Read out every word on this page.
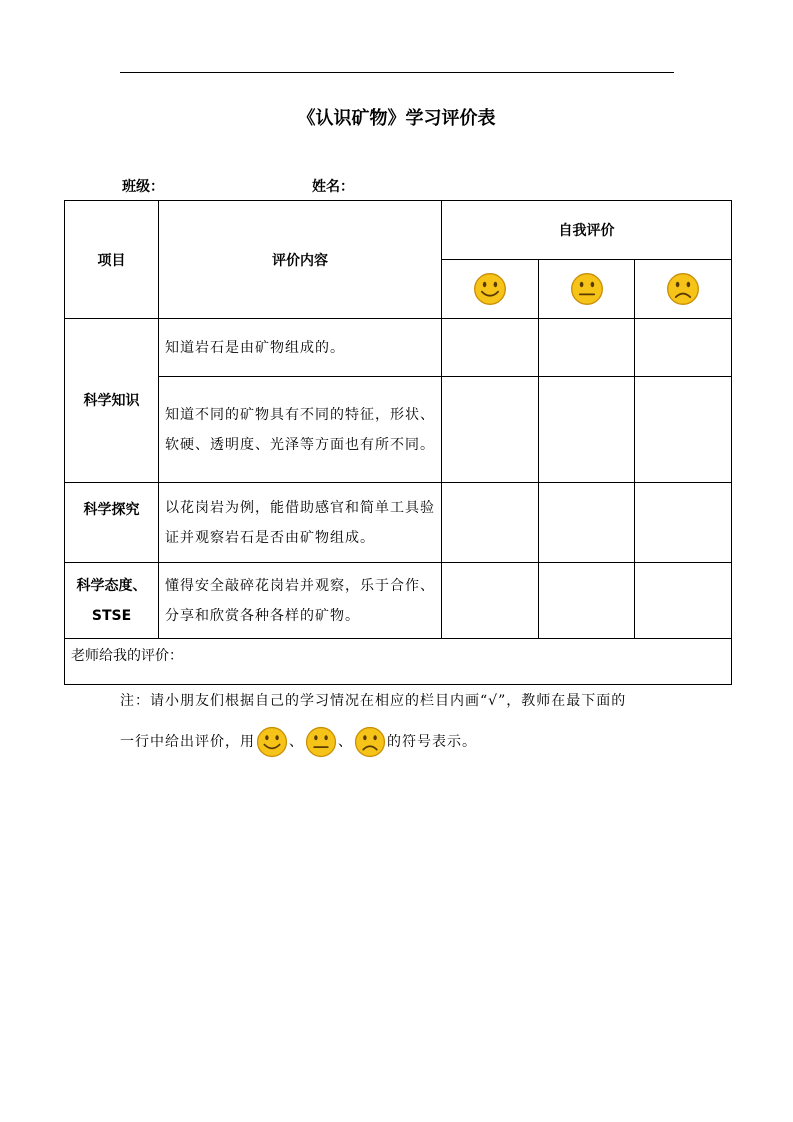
《认识矿物》学习评价表
班级：	姓名：
项目	评价内容	自我评价		

科学知识	知道岩石是由矿物组成的。			
	知道不同的矿物具有不同的特征，形状、软硬、透明度、光泽等方面也有所不同。			
科学探究	以花岗岩为例，能借助感官和简单工具验证并观察岩石是否由矿物组成。			
科学态度、STSE	懂得安全敲碎花岗岩并观察，乐于合作、分享和欣赏各种各样的矿物。			
老师给我的评价：				
注：请小朋友们根据自己的学习情况在相应的栏目内画“√”，教师在最下面的
一行中给出评价，用 、 、 的符号表示。
